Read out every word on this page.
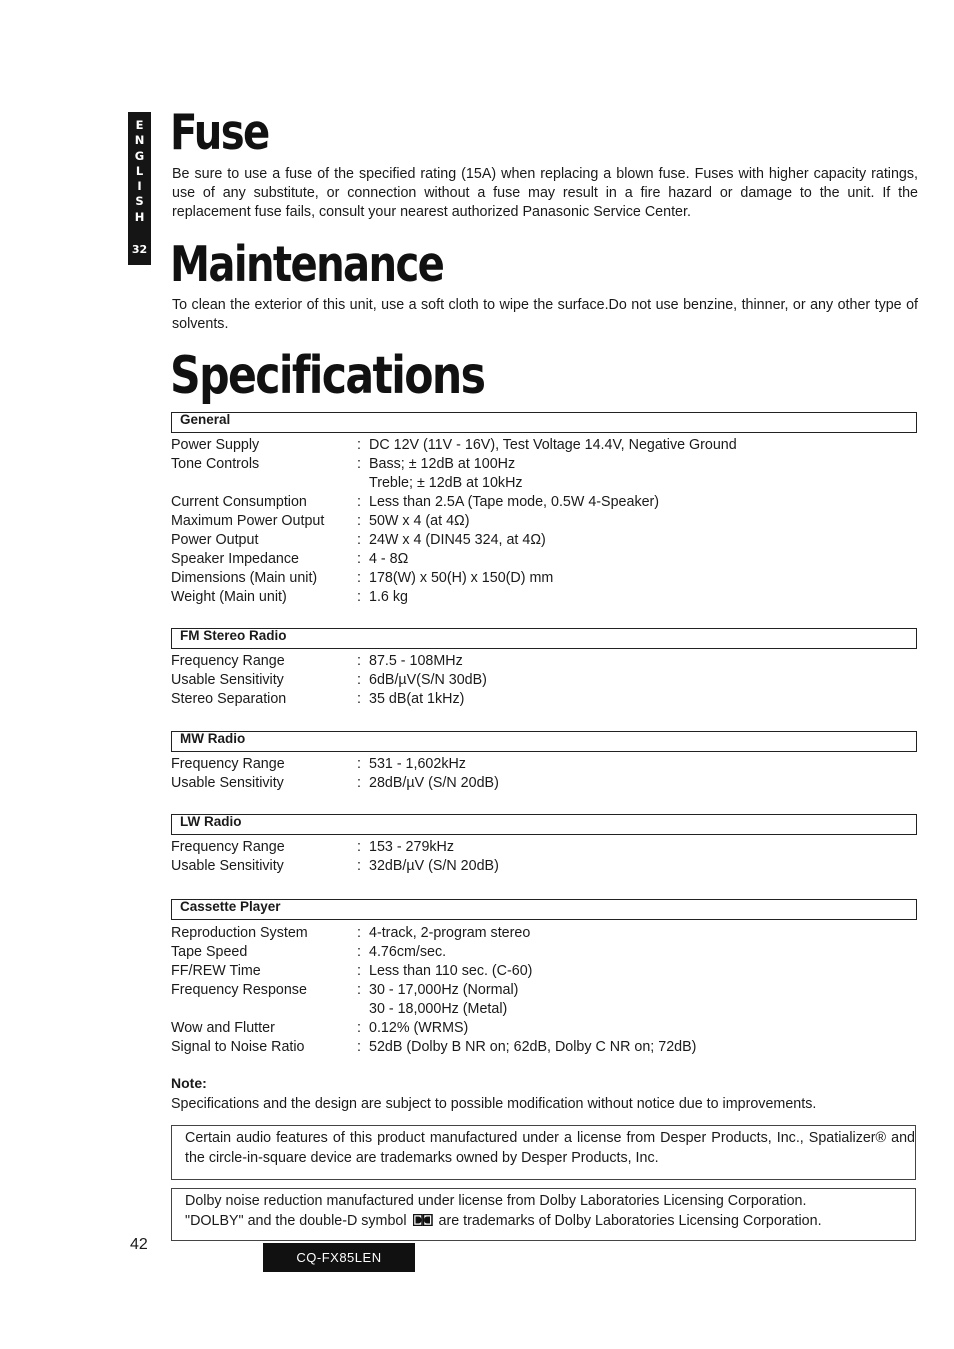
E
N
G
L
I
S
H
32
Fuse

Be sure to use a fuse of the specified rating (15A) when replacing a blown fuse. Fuses with higher capacity ratings, use of any substitute, or connection without a fuse may result in a fire hazard or damage to the unit. If the replacement fuse fails, consult your nearest authorized Panasonic Service Center.

Maintenance

To clean the exterior of this unit, use a soft cloth to wipe the surface.Do not use benzine, thinner, or any other type of solvents.

Specifications
General
Power Supply	: DC 12V (11V - 16V), Test Voltage 14.4V, Negative Ground
Tone Controls	: Bass; ± 12dB at 100Hz
Treble; ± 12dB at 10kHz
Current Consumption	: Less than 2.5A (Tape mode, 0.5W 4-Speaker)
Maximum Power Output	: 50W x 4 (at 4Ω)
Power Output	: 24W x 4 (DIN45 324, at 4Ω)
Speaker Impedance	: 4 - 8Ω
Dimensions (Main unit)	: 178(W) x 50(H) x 150(D) mm
Weight (Main unit)	: 1.6 kg
FM Stereo Radio
Frequency Range	: 87.5 - 108MHz
Usable Sensitivity	: 6dB/µV(S/N 30dB)
Stereo Separation	: 35 dB(at 1kHz)
MW Radio
Frequency Range	: 531 - 1,602kHz
Usable Sensitivity	: 28dB/µV (S/N 20dB)
LW Radio
Frequency Range	: 153 - 279kHz
Usable Sensitivity	: 32dB/µV (S/N 20dB)
Cassette Player
Reproduction System	: 4-track, 2-program stereo
Tape Speed	: 4.76cm/sec.
FF/REW Time	: Less than 110 sec. (C-60)
Frequency Response	: 30 - 17,000Hz (Normal)
30 - 18,000Hz (Metal)
Wow and Flutter	: 0.12% (WRMS)
Signal to Noise Ratio	: 52dB (Dolby B NR on; 62dB, Dolby C NR on; 72dB)
Note:
Specifications and the design are subject to possible modification without notice due to improvements.
Certain audio features of this product manufactured under a license from Desper Products, Inc., Spatializer® and the circle-in-square device are trademarks owned by Desper Products, Inc.
Dolby noise reduction manufactured under license from Dolby Laboratories Licensing Corporation.
"DOLBY" and the double-D symbol are trademarks of Dolby Laboratories Licensing Corporation.
42
CQ-FX85LEN
